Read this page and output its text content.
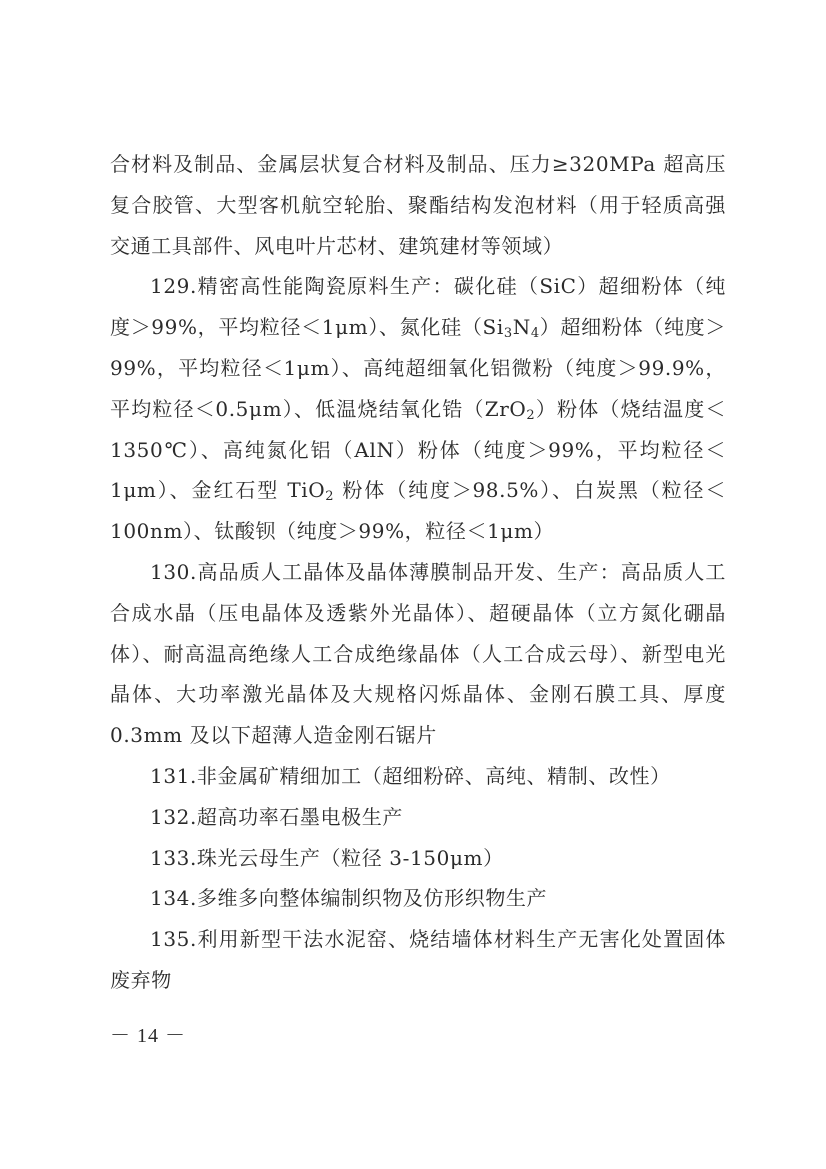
合材料及制品、金属层状复合材料及制品、压力≥320MPa 超高压复合胶管、大型客机航空轮胎、聚酯结构发泡材料（用于轻质高强交通工具部件、风电叶片芯材、建筑建材等领域）

129.精密高性能陶瓷原料生产：碳化硅（SiC）超细粉体（纯度＞99%，平均粒径＜1μm）、氮化硅$(Si_3N_4)$超细粉体（纯度＞99%，平均粒径＜1μm）、高纯超细氧化铝微粉（纯度＞99.9%，平均粒径＜0.5μm）、低温烧结氧化锆（ZrO$_2$）粉体（烧结温度＜1350℃）、高纯氮化铝（AlN）粉体（纯度＞99%，平均粒径＜1μm）、金红石型 TiO$_2$ 粉体（纯度＞98.5%）、白炭黑（粒径＜100nm）、钛酸钡（纯度＞99%，粒径＜1μm）

130.高品质人工晶体及晶体薄膜制品开发、生产：高品质人工合成水晶（压电晶体及透紫外光晶体）、超硬晶体（立方氮化硼晶体）、耐高温高绝缘人工合成绝缘晶体（人工合成云母）、新型电光晶体、大功率激光晶体及大规格闪烁晶体、金刚石膜工具、厚度 0.3mm 及以下超薄人造金刚石锯片

131.非金属矿精细加工（超细粉碎、高纯、精制、改性）

132.超高功率石墨电极生产

133.珠光云母生产（粒径 3-150μm）

134.多维多向整体编制织物及仿形织物生产

135.利用新型干法水泥窑、烧结墙体材料生产无害化处置固体废弃物

－ 14 －
